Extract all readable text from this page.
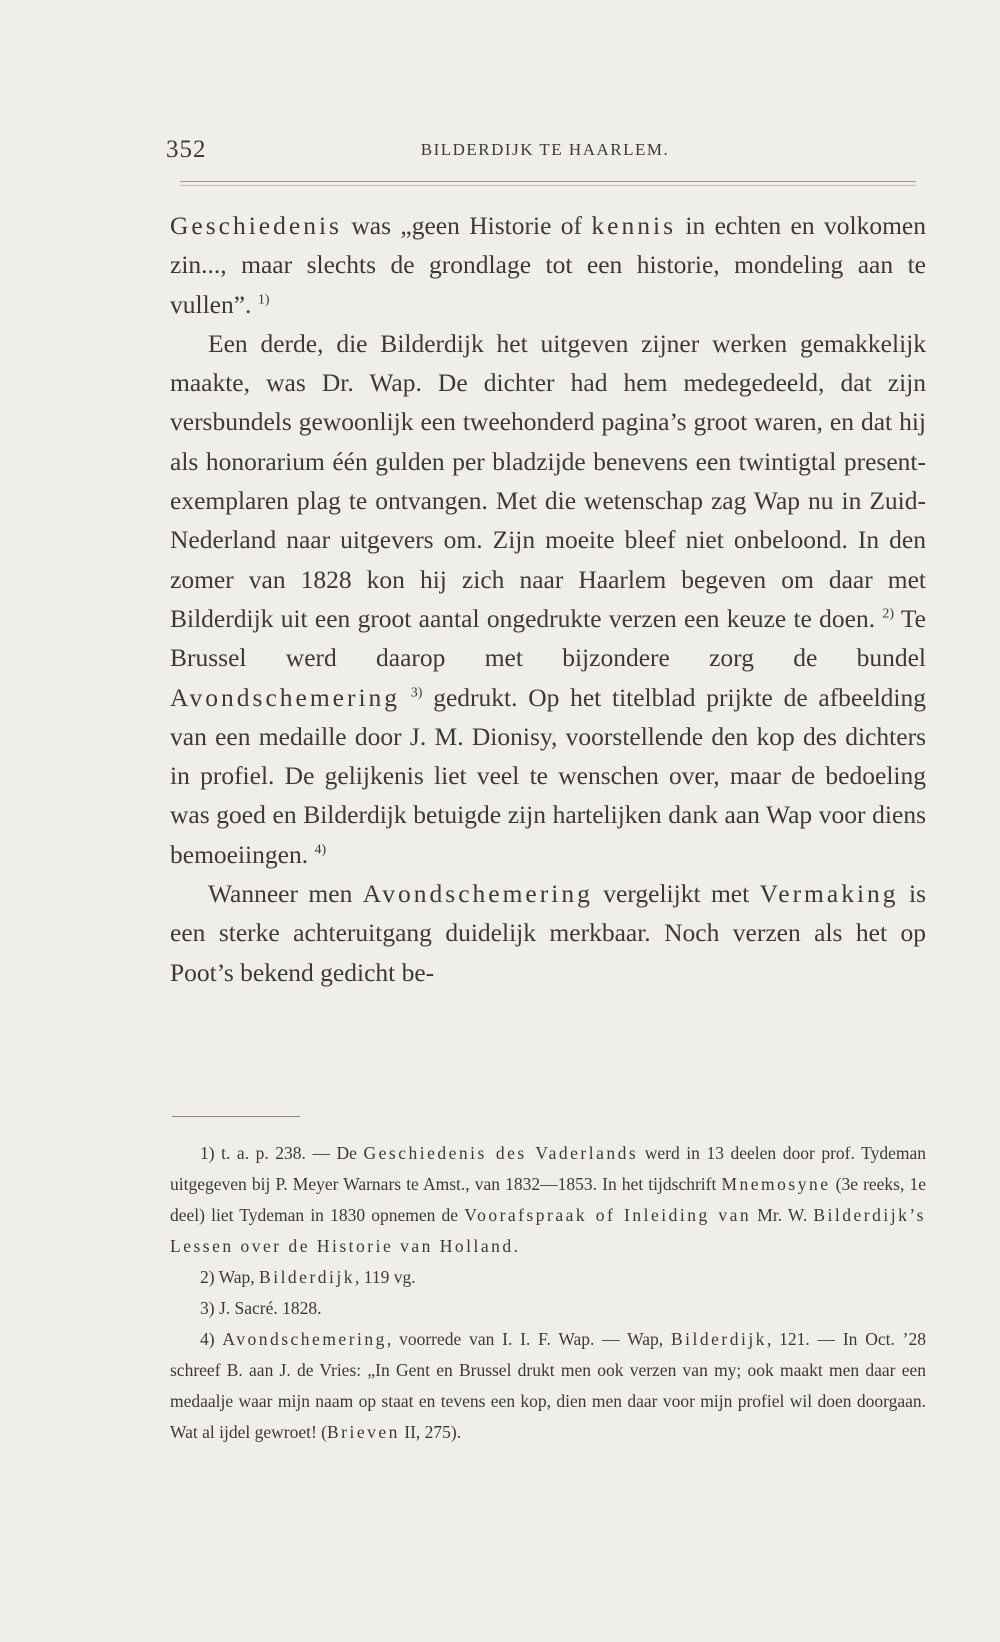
352	BILDERDIJK TE HAARLEM.

Geschiedenis was „geen Historie of kennis in echten en volkomen zin..., maar slechts de grondlage tot een historie, mondeling aan te vullen”. $^{1)}$

Een derde, die Bilderdijk het uitgeven zijner werken gemakkelijk maakte, was Dr. Wap. De dichter had hem medegedeeld, dat zijn versbundels gewoonlijk een tweehonderd pagina’s groot waren, en dat hij als honorarium één gulden per bladzijde benevens een twintigtal present-exemplaren plag te ontvangen. Met die wetenschap zag Wap nu in Zuid-Nederland naar uitgevers om. Zijn moeite bleef niet onbeloond. In den zomer van 1828 kon hij zich naar Haarlem begeven om daar met Bilderdijk uit een groot aantal ongedrukte verzen een keuze te doen. $^{2)}$ Te Brussel werd daarop met bijzondere zorg de bundel Avondschemering $^{3)}$ gedrukt. Op het titelblad prijkte de afbeelding van een medaille door J. M. Dionisy, voorstellende den kop des dichters in profiel. De gelijkenis liet veel te wenschen over, maar de bedoeling was goed en Bilderdijk betuigde zijn hartelijken dank aan Wap voor diens bemoeiingen. $^{4)}$

Wanneer men Avondschemering vergelijkt met Vermaking is een sterke achteruitgang duidelijk merkbaar. Noch verzen als het op Poot’s bekend gedicht be-

1) t. a. p. 238. — De Geschiedenis des Vaderlands werd in 13 deelen door prof. Tydeman uitgegeven bij P. Meyer Warnars te Amst., van 1832—1853. In het tijdschrift Mnemosyne (3e reeks, 1e deel) liet Tydeman in 1830 opnemen de Voorafspraak of Inleiding van Mr. W. Bilderdijk’s Lessen over de Historie van Holland.

2) Wap, Bilderdijk, 119 vg.

3) J. Sacré. 1828.

4) Avondschemering, voorrede van I. I. F. Wap. — Wap, Bilderdijk, 121. — In Oct. ’28 schreef B. aan J. de Vries: „In Gent en Brussel drukt men ook verzen van my; ook maakt men daar een medaalje waar mijn naam op staat en tevens een kop, dien men daar voor mijn profiel wil doen doorgaan. Wat al ijdel gewroet! (Brieven II, 275).
